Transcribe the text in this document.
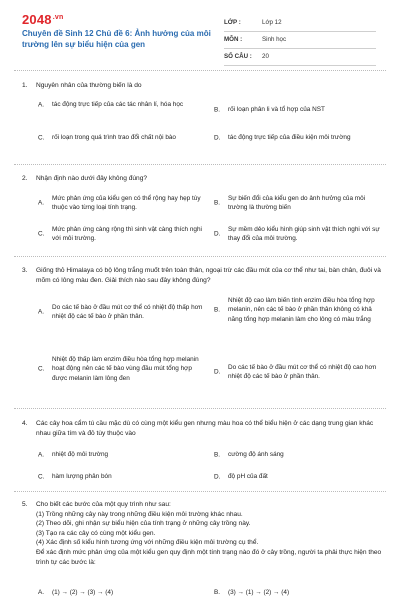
$2048^{.vn}$
Chuyên đề Sinh 12 Chủ đề 6: Ảnh hưởng của môi trường lên sự biểu hiện của gen
LỚP :	Lớp 12
MÔN :	Sinh học
SỐ CÂU :	20
1. Nguyên nhân của thường biến là do
A. tác động trực tiếp của các tác nhân lí, hóa học
B. rối loạn phân li và tổ hợp của NST
C. rối loạn trong quá trình trao đổi chất nội bào	D. tác động trực tiếp của điều kiện môi trường
2. Nhận định nào dưới đây không đúng?
A.
Mức phản ứng của kiểu gen có thể rộng hay hẹp tùy thuộc vào từng loại tính trạng.
B.
Sự biến đổi của kiểu gen do ảnh hưởng của môi trường là thường biến
C.
Mức phản ứng càng rộng thì sinh vật càng thích nghi với môi trường.
D.
Sự mềm dẻo kiểu hình giúp sinh vật thích nghi với sự thay đổi của môi trường.
3. Giống thỏ Himalaya có bộ lông trắng muốt trên toàn thân, ngoại trừ các đầu mút của cơ thể như tai, bàn chân, đuôi và mõm có lông màu đen. Giải thích nào sau đây không đúng?
A.
Do các tế bào ở đầu mút cơ thể có nhiệt độ thấp hơn nhiệt độ các tế bào ở phần thân.
B.
Nhiệt độ cao làm biến tính enzim điều hòa tổng hợp melanin, nên các tế bào ở phần thân không có khả năng tổng hợp melanin làm cho lông có màu trắng
C.
Nhiệt độ thấp làm enzim điều hòa tổng hợp melanin hoạt động nên các tế bào vùng đầu mút tổng hợp được melanin làm lông đen
D.
Do các tế bào ở đầu mút cơ thể có nhiệt độ cao hơn nhiệt độ các tế bào ở phần thân.
4. Các cây hoa cẩm tú cầu mặc dù có cùng một kiểu gen nhưng màu hoa có thể biểu hiện ở các dạng trung gian khác nhau giữa tím và đỏ tùy thuộc vào
A. nhiệt độ môi trường	B. cường độ ánh sáng
C. hàm lượng phân bón	D. độ pH của đất
5. Cho biết các bước của một quy trình như sau:
(1) Trồng những cây này trong những điều kiện môi trường khác nhau.
(2) Theo dõi, ghi nhận sự biểu hiện của tính trạng ở những cây trồng này.
(3) Tạo ra các cây có cùng một kiểu gen.
(4) Xác định số kiểu hình tương ứng với những điều kiện môi trường cụ thể.
Để xác định mức phản ứng của một kiểu gen quy định một tính trạng nào đó ở cây trồng, người ta phải thực hiện theo trình tự các bước là:
A. (1) → (2) → (3) → (4)	B. (3) → (1) → (2) → (4)
